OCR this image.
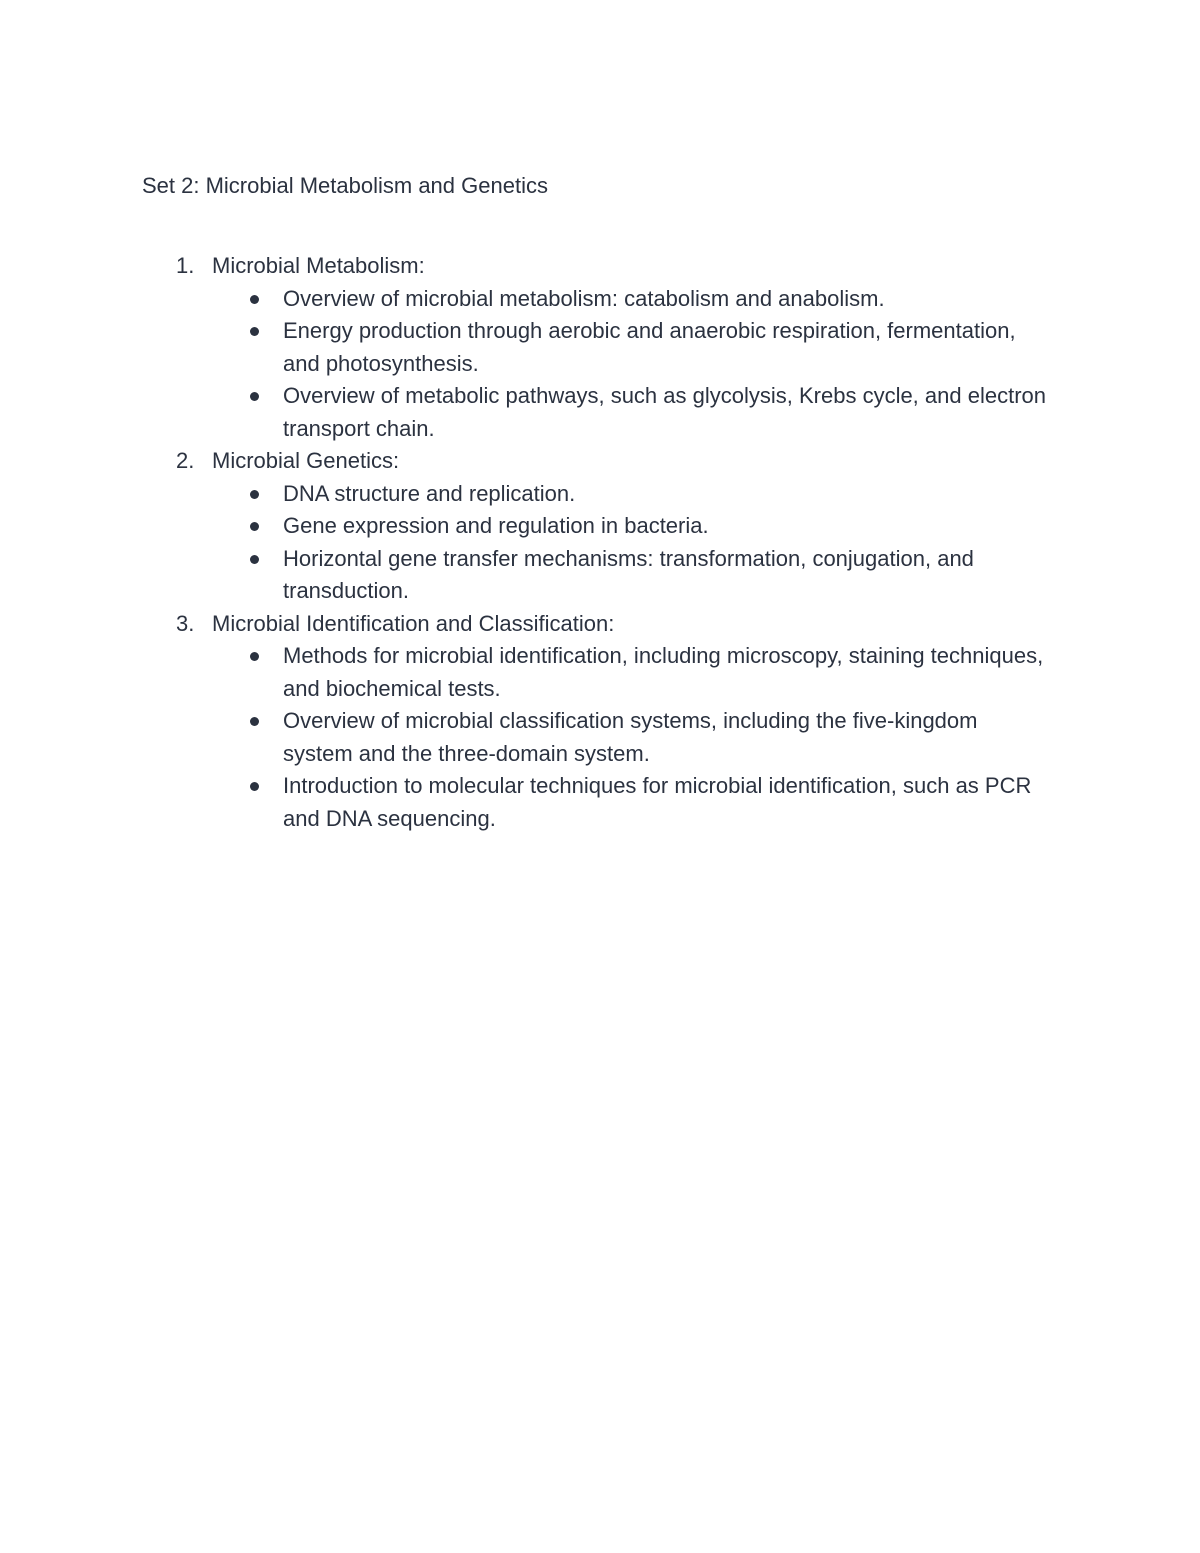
Set 2: Microbial Metabolism and Genetics
1. Microbial Metabolism:
Overview of microbial metabolism: catabolism and anabolism.
Energy production through aerobic and anaerobic respiration, fermentation, and photosynthesis.
Overview of metabolic pathways, such as glycolysis, Krebs cycle, and electron transport chain.
2. Microbial Genetics:
DNA structure and replication.
Gene expression and regulation in bacteria.
Horizontal gene transfer mechanisms: transformation, conjugation, and transduction.
3. Microbial Identification and Classification:
Methods for microbial identification, including microscopy, staining techniques, and biochemical tests.
Overview of microbial classification systems, including the five-kingdom system and the three-domain system.
Introduction to molecular techniques for microbial identification, such as PCR and DNA sequencing.
